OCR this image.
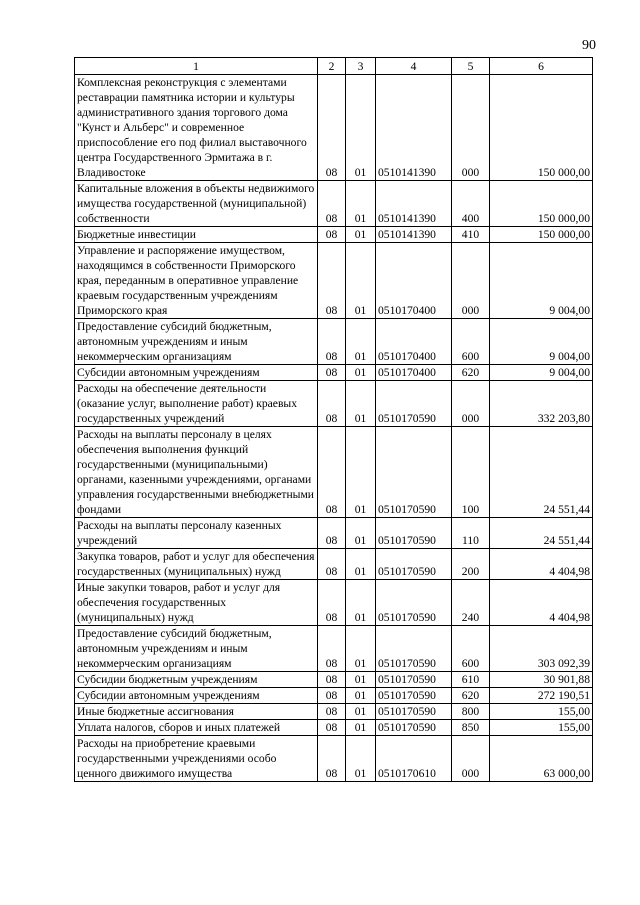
90
1	2	3	4	5	6
Комплексная реконструкция с элементами реставрации памятника истории и культуры административного здания торгового дома "Кунст и Альберс" и современное приспособление его под филиал выставочного центра Государственного Эрмитажа в г. Владивостоке	08	01	0510141390	000	150 000,00
Капитальные вложения в объекты недвижимого имущества государственной (муниципальной) собственности	08	01	0510141390	400	150 000,00
Бюджетные инвестиции	08	01	0510141390	410	150 000,00
Управление и распоряжение имуществом, находящимся в собственности Приморского края, переданным в оперативное управление краевым государственным учреждениям Приморского края	08	01	0510170400	000	9 004,00
Предоставление субсидий бюджетным, автономным учреждениям и иным некоммерческим организациям	08	01	0510170400	600	9 004,00
Субсидии автономным учреждениям	08	01	0510170400	620	9 004,00
Расходы на обеспечение деятельности (оказание услуг, выполнение работ) краевых государственных учреждений	08	01	0510170590	000	332 203,80
Расходы на выплаты персоналу в целях обеспечения выполнения функций государственными (муниципальными) органами, казенными учреждениями, органами управления государственными внебюджетными фондами	08	01	0510170590	100	24 551,44
Расходы на выплаты персоналу казенных учреждений	08	01	0510170590	110	24 551,44
Закупка товаров, работ и услуг для обеспечения государственных (муниципальных) нужд	08	01	0510170590	200	4 404,98
Иные закупки товаров, работ и услуг для обеспечения государственных (муниципальных) нужд	08	01	0510170590	240	4 404,98
Предоставление субсидий бюджетным, автономным учреждениям и иным некоммерческим организациям	08	01	0510170590	600	303 092,39
Субсидии бюджетным учреждениям	08	01	0510170590	610	30 901,88
Субсидии автономным учреждениям	08	01	0510170590	620	272 190,51
Иные бюджетные ассигнования	08	01	0510170590	800	155,00
Уплата налогов, сборов и иных платежей	08	01	0510170590	850	155,00
Расходы на приобретение краевыми государственными учреждениями особо ценного движимого имущества	08	01	0510170610	000	63 000,00
